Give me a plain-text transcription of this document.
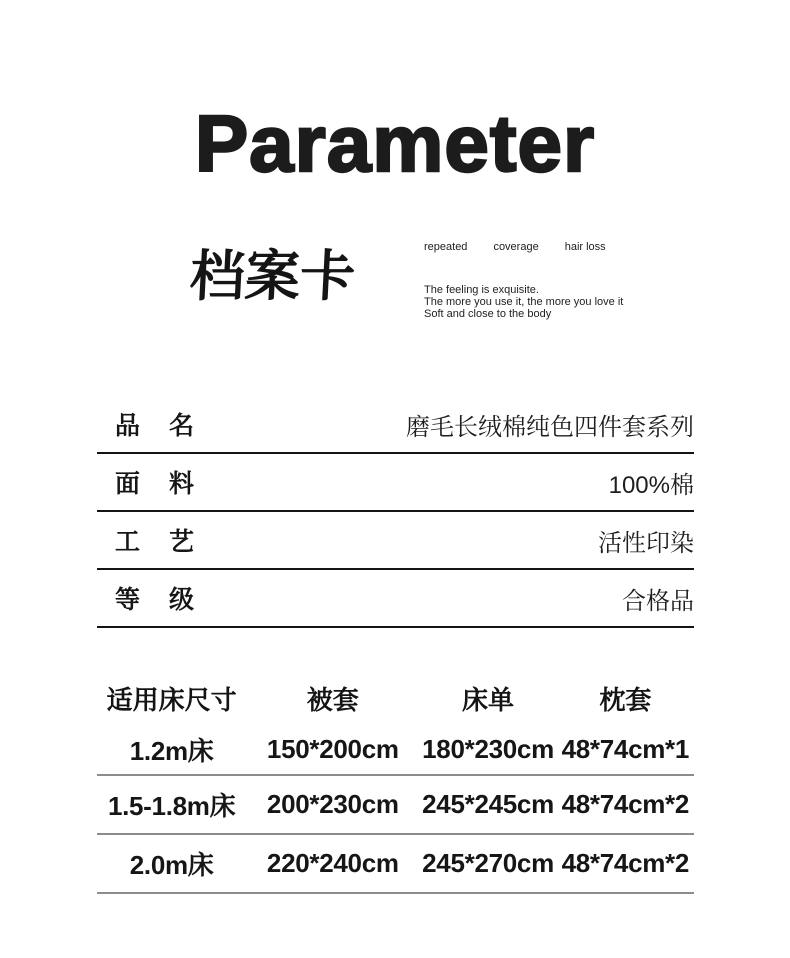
Parameter
档案卡	repeated coverage hair loss
The feeling is exquisite.
The more you use it, the more you love it
Soft and close to the body
品 名	磨毛长绒棉纯色四件套系列
面 料	100%棉
工 艺	活性印染
等 级	合格品
适用床尺寸	被套	床单	枕套
1.2m床	150*200cm 180*230cm 48*74cm*1
1.5-1.8m床	200*230cm 245*245cm 48*74cm*2
2.0m床	220*240cm 245*270cm 48*74cm*2
